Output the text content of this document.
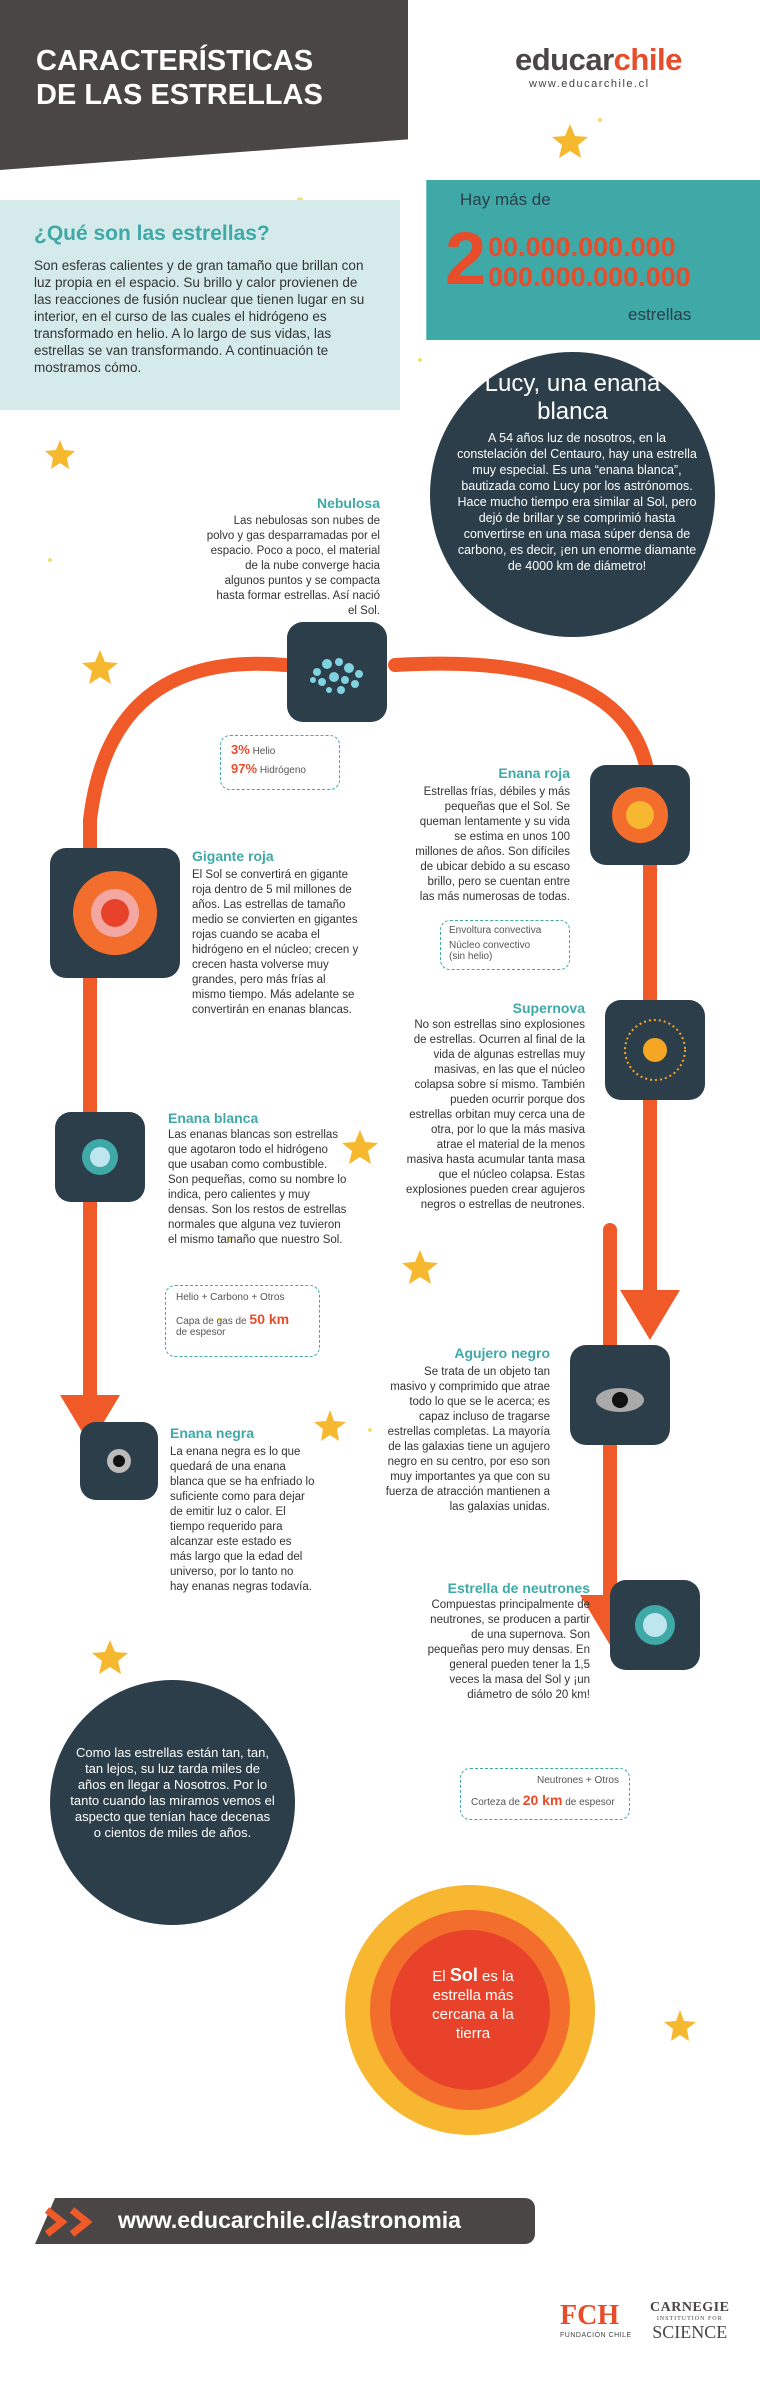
CARACTERÍSTICAS
DE LAS ESTRELLAS
educarchile
www.educarchile.cl
¿Qué son las estrellas?
Son esferas calientes y de gran tamaño que brillan con luz propia en el espacio. Su brillo y calor provienen de las reacciones de fusión nuclear que tienen lugar en su interior, en el curso de las cuales el hidrógeno es transformado en helio. A lo largo de sus vidas, las estrellas se van transformando. A continuación te mostramos cómo.
Hay más de
2 00.000.000.000
000.000.000.000
estrellas
Lucy, una enana blanca
A 54 años luz de nosotros, en la constelación del Centauro, hay una estrella muy especial. Es una “enana blanca”, bautizada como Lucy por los astrónomos. Hace mucho tiempo era similar al Sol, pero dejó de brillar y se comprimió hasta convertirse en una masa súper densa de carbono, es decir, ¡en un enorme diamante de 4000 km de diámetro!
Nebulosa
Las nebulosas son nubes de polvo y gas desparramadas por el espacio. Poco a poco, el material de la nube converge hacia algunos puntos y se compacta hasta formar estrellas. Así nació el Sol.
3% Helio
97% Hidrógeno	Enana roja
Estrellas frías, débiles y más pequeñas que el Sol. Se queman lentamente y su vida se estima en unos 100 millones de años. Son difíciles de ubicar debido a su escaso brillo, pero se cuentan entre las más numerosas de todas.
Envoltura convectiva
Núcleo convectivo
(sin helio)
Gigante roja
El Sol se convertirá en gigante roja dentro de 5 mil millones de años. Las estrellas de tamaño medio se convierten en gigantes rojas cuando se acaba el hidrógeno en el núcleo; crecen y crecen hasta volverse muy grandes, pero más frías al mismo tiempo. Más adelante se convertirán en enanas blancas.	Supernova
No son estrellas sino explosiones de estrellas. Ocurren al final de la vida de algunas estrellas muy masivas, en las que el núcleo colapsa sobre sí mismo. También pueden ocurrir porque dos estrellas orbitan muy cerca una de otra, por lo que la más masiva atrae el material de la menos masiva hasta acumular tanta masa que el núcleo colapsa. Estas explosiones pueden crear agujeros negros o estrellas de neutrones.
Enana blanca
Las enanas blancas son estrellas que agotaron todo el hidrógeno que usaban como combustible. Son pequeñas, como su nombre lo indica, pero calientes y muy densas. Son los restos de estrellas normales que alguna vez tuvieron el mismo tamaño que nuestro Sol.
Helio + Carbono + Otros
Capa de gas de 50 km
de espesor
Agujero negro
Se trata de un objeto tan masivo y comprimido que atrae todo lo que se le acerca; es capaz incluso de tragarse estrellas completas. La mayoría de las galaxias tiene un agujero negro en su centro, por eso son muy importantes ya que con su fuerza de atracción mantienen a las galaxias unidas.
Enana negra
La enana negra es lo que quedará de una enana blanca que se ha enfriado lo suficiente como para dejar de emitir luz o calor. El tiempo requerido para alcanzar este estado es más largo que la edad del universo, por lo tanto no hay enanas negras todavía.	Estrella de neutrones
Compuestas principalmente de neutrones, se producen a partir de una supernova. Son pequeñas pero muy densas. En general pueden tener la 1,5 veces la masa del Sol y ¡un diámetro de sólo 20 km!
Neutrones + Otros
Corteza de 20 km de espesor
Como las estrellas están tan, tan, tan lejos, su luz tarda miles de años en llegar a Nosotros. Por lo tanto cuando las miramos vemos el aspecto que tenían hace decenas o cientos de miles de años.
El Sol es la estrella más cercana a la tierra
www.educarchile.cl/astronomia
FCH
FUNDACIÓN CHILE
CARNEGIE
INSTITUTION FOR
SCIENCE
